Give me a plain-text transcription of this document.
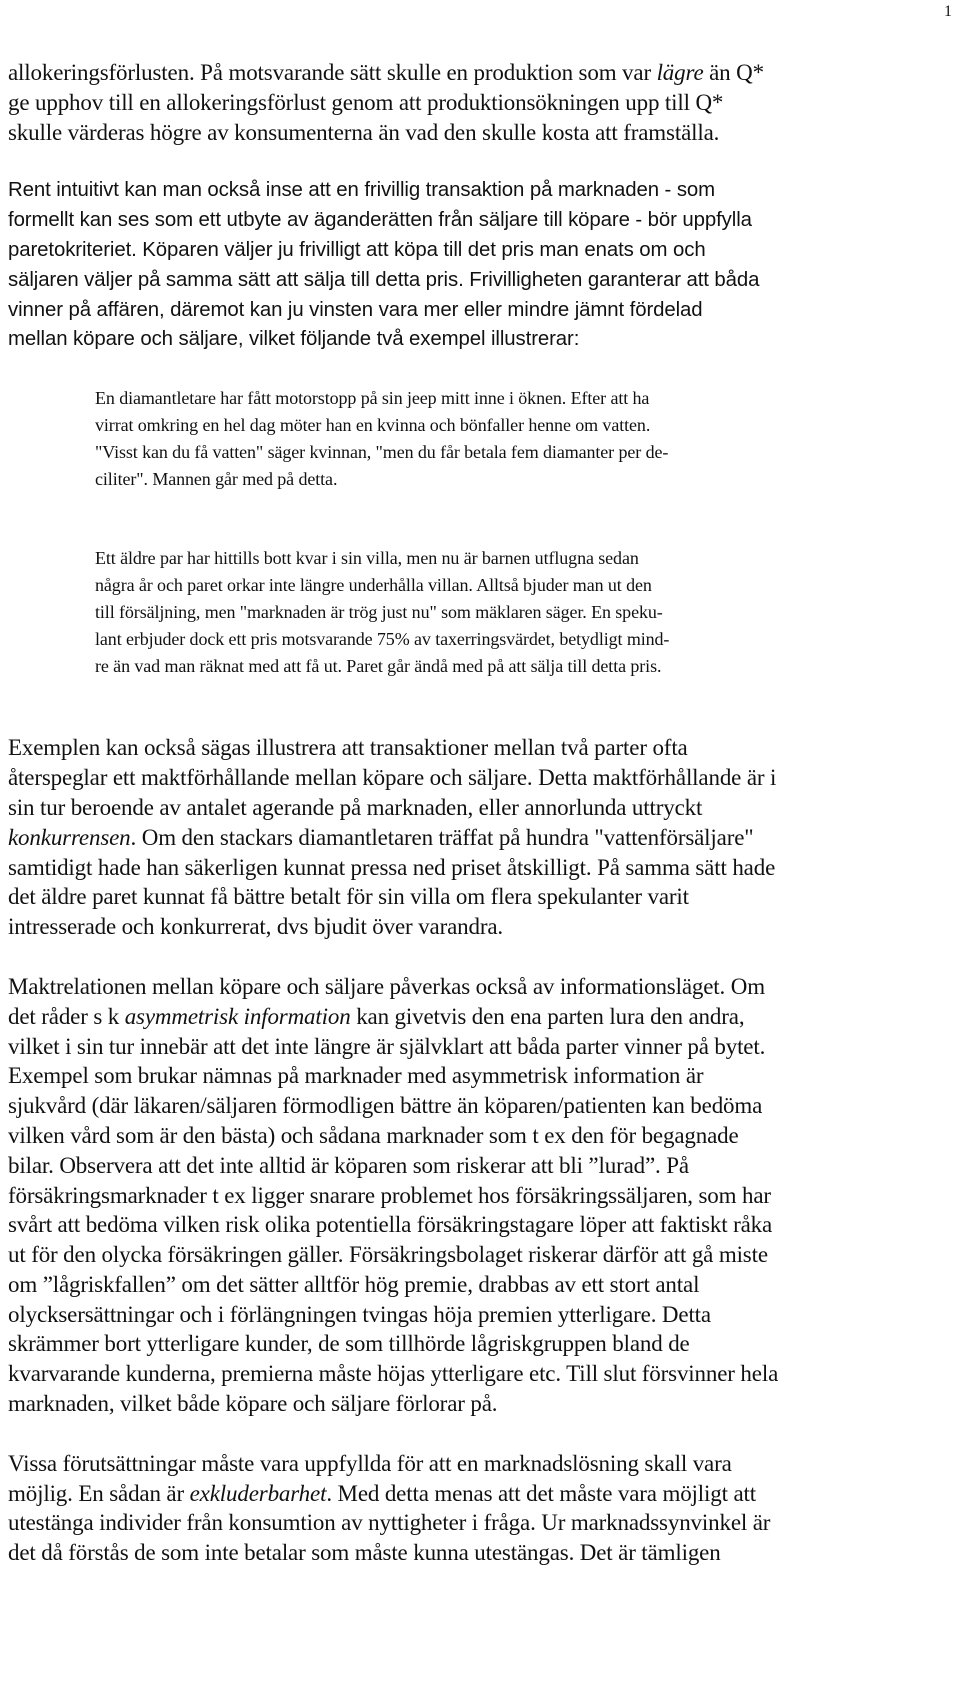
1
allokeringsförlusten. På motsvarande sätt skulle en produktion som var lägre än Q*
ge upphov till en allokeringsförlust genom att produktionsökningen upp till Q*
skulle värderas högre av konsumenterna än vad den skulle kosta att framställa.
Rent intuitivt kan man också inse att en frivillig transaktion på marknaden - som
formellt kan ses som ett utbyte av äganderätten från säljare till köpare - bör uppfylla
paretokriteriet. Köparen väljer ju frivilligt att köpa till det pris man enats om och
säljaren väljer på samma sätt att sälja till detta pris. Frivilligheten garanterar att båda
vinner på affären, däremot kan ju vinsten vara mer eller mindre jämnt fördelad
mellan köpare och säljare, vilket följande två exempel illustrerar:
En diamantletare har fått motorstopp på sin jeep mitt inne i öknen. Efter att ha
virrat omkring en hel dag möter han en kvinna och bönfaller henne om vatten.
"Visst kan du få vatten" säger kvinnan, "men du får betala fem diamanter per de-
ciliter". Mannen går med på detta.
Ett äldre par har hittills bott kvar i sin villa, men nu är barnen utflugna sedan
några år och paret orkar inte längre underhålla villan. Alltså bjuder man ut den
till försäljning, men "marknaden är trög just nu" som mäklaren säger. En speku-
lant erbjuder dock ett pris motsvarande 75% av taxerringsvärdet, betydligt mind-
re än vad man räknat med att få ut. Paret går ändå med på att sälja till detta pris.
Exemplen kan också sägas illustrera att transaktioner mellan två parter ofta
återspeglar ett maktförhållande mellan köpare och säljare. Detta maktförhållande är i
sin tur beroende av antalet agerande på marknaden, eller annorlunda uttryckt
konkurrensen. Om den stackars diamantletaren träffat på hundra "vattenförsäljare"
samtidigt hade han säkerligen kunnat pressa ned priset åtskilligt. På samma sätt hade
det äldre paret kunnat få bättre betalt för sin villa om flera spekulanter varit
intresserade och konkurrerat, dvs bjudit över varandra.
Maktrelationen mellan köpare och säljare påverkas också av informationsläget. Om
det råder s k asymmetrisk information kan givetvis den ena parten lura den andra,
vilket i sin tur innebär att det inte längre är självklart att båda parter vinner på bytet.
Exempel som brukar nämnas på marknader med asymmetrisk information är
sjukvård (där läkaren/säljaren förmodligen bättre än köparen/patienten kan bedöma
vilken vård som är den bästa) och sådana marknader som t ex den för begagnade
bilar. Observera att det inte alltid är köparen som riskerar att bli ”lurad”. På
försäkringsmarknader t ex ligger snarare problemet hos försäkringssäljaren, som har
svårt att bedöma vilken risk olika potentiella försäkringstagare löper att faktiskt råka
ut för den olycka försäkringen gäller. Försäkringsbolaget riskerar därför att gå miste
om ”lågriskfallen” om det sätter alltför hög premie, drabbas av ett stort antal
olycksersättningar och i förlängningen tvingas höja premien ytterligare. Detta
skrämmer bort ytterligare kunder, de som tillhörde lågriskgruppen bland de
kvarvarande kunderna, premierna måste höjas ytterligare etc. Till slut försvinner hela
marknaden, vilket både köpare och säljare förlorar på.
Vissa förutsättningar måste vara uppfyllda för att en marknadslösning skall vara
möjlig. En sådan är exkluderbarhet. Med detta menas att det måste vara möjligt att
utestänga individer från konsumtion av nyttigheter i fråga. Ur marknadssynvinkel är
det då förstås de som inte betalar som måste kunna utestängas. Det är tämligen
